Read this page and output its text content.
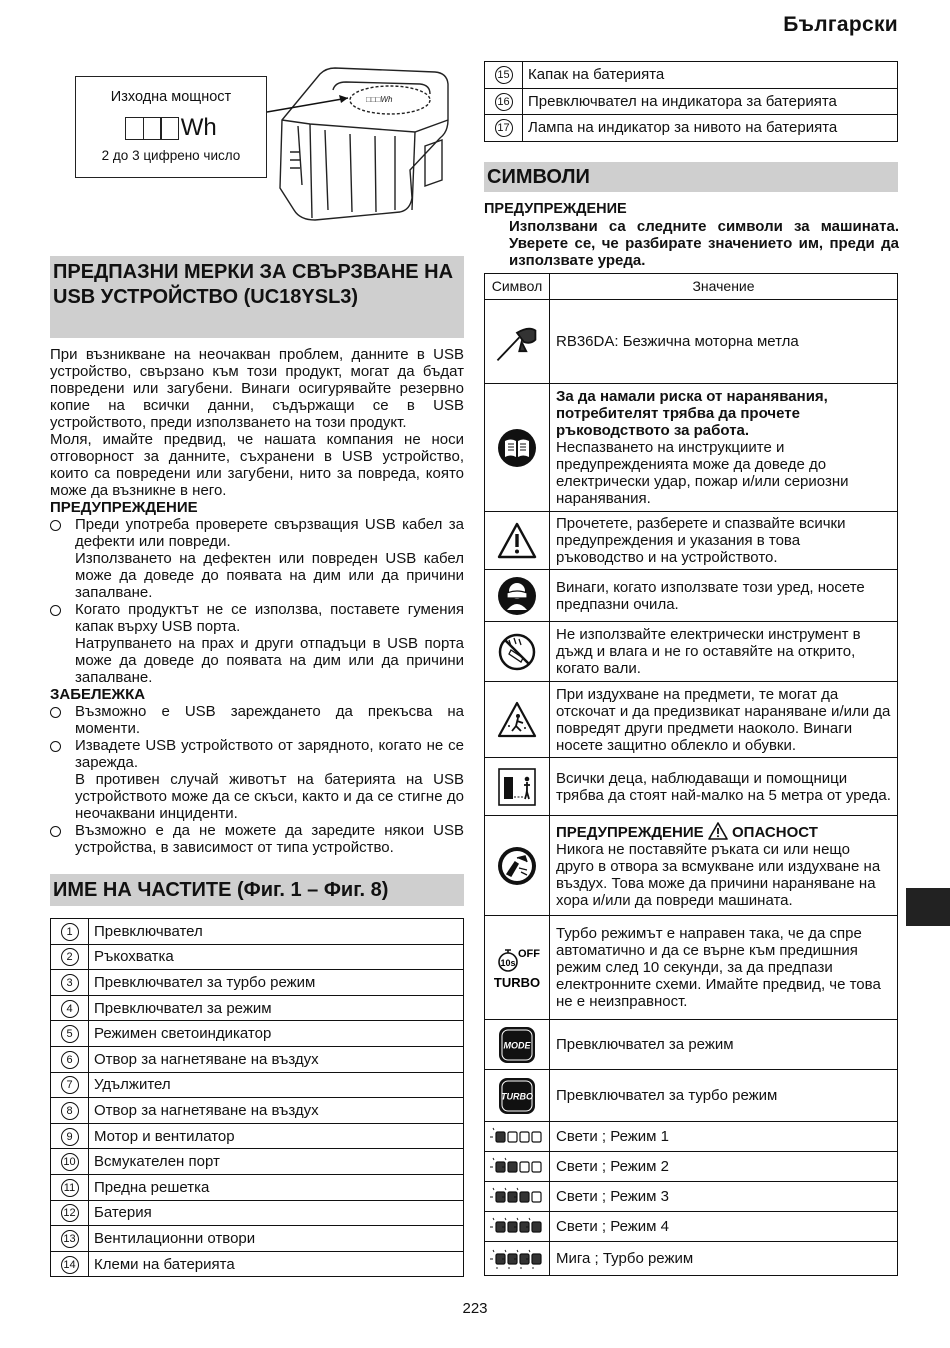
Български
□□□Wh
Изходна мощност
Wh
2 до 3 цифрено число
ПРЕДПАЗНИ МЕРКИ ЗА СВЪРЗВАНЕ НА USB УСТРОЙСТВО (UC18YSL3)

При възникване на неочакван проблем, данните в USB устройство, свързано към този продукт, могат да бъдат повредени или загубени. Винаги осигурявайте резервно копие на всички данни, съдържащи се в USB устройството, преди използването на този продукт.

Моля, имайте предвид, че нашата компания не носи отговорност за данните, съхранени в USB устройство, които са повредени или загубени, нито за повреда, която може да възникне в него.

ПРЕДУПРЕЖДЕНИЕ

Преди употреба проверете свързващия USB кабел за дефекти или повреди.
Използването на дефектен или повреден USB кабел може да доведе до появата на дим или да причини запалване.
Когато продуктът не се използва, поставете гумения капак върху USB порта.
Натрупването на прах и други отпадъци в USB порта може да доведе до появата на дим или да причини запалване.

ЗАБЕЛЕЖКА

Възможно е USB зареждането да прекъсва на моменти.
Извадете USB устройството от зарядното, когато не се зарежда.
В противен случай животът на батерията на USB устройството може да се скъси, както и да се стигне до неочаквани инциденти.
Възможно е да не можете да заредите някои USB устройства, в зависимост от типа устройство.
ИМЕ НА ЧАСТИТЕ (Фиг. 1 – Фиг. 8)
1	Превключвател
2	Ръкохватка
3	Превключвател за турбо режим
4	Превключвател за режим
5	Режимен светоиндикатор
6	Отвор за нагнетяване на въздух
7	Удължител
8	Отвор за нагнетяване на въздух
9	Мотор и вентилатор
10	Всмукателен порт
11	Предна решетка
12	Батерия
13	Вентилационни отвори
14	Клеми на батерията
15	Капак на батерията
16	Превключвател на индикатора за батерията
17	Лампа на индикатор за нивото на батерията
СИМВОЛИ
ПРЕДУПРЕЖДЕНИЕ
Използвани са следните символи за машината. Уверете се, че разбирате значението им, преди да използвате уреда.
Символ	Значение

RB36DA: Безжична моторна метла

За да намали риска от наранявания, потребителят трябва да прочете ръководството за работа.
Неспазването на инструкциите и предупрежденията може да доведе до електрически удар, пожар и/или сериозни наранявания.

Прочетете, разберете и спазвайте всички предупреждения и указания в това ръководство и на устройството.

Винаги, когато използвате този уред, носете предпазни очила.

Не използвайте електрически инструмент в дъжд и влага и не го оставяйте на открито, когато вали.

При издухване на предмети, те могат да отскочат и да предизвикат нараняване и/или да повредят други предмети наоколо. Винаги носете защитно облекло и обувки.

Всички деца, наблюдаващи и помощници трябва да стоят най-малко на 5 метра от уреда.

ПРЕДУПРЕЖДЕНИЕ ОПАСНОСТ
Никога не поставяйте ръката си или нещо друго в отвора за всмукване или издухване на въздух. Това може да причини нараняване на хора и/или да повреди машината.

10s
OFF
TURBO	Турбо режимът е направен така, че да спре автоматично и да се върне към предишния режим след 10 секунди, за да предпази електронните схеми. Имайте предвид, че това не е неизправност.

MODE	Превключвател за режим

TURBO	Превключвател за турбо режим

Свети ; Режим 1

Свети ; Режим 2

Свети ; Режим 3

Свети ; Режим 4

Мига ; Турбо режим
223
